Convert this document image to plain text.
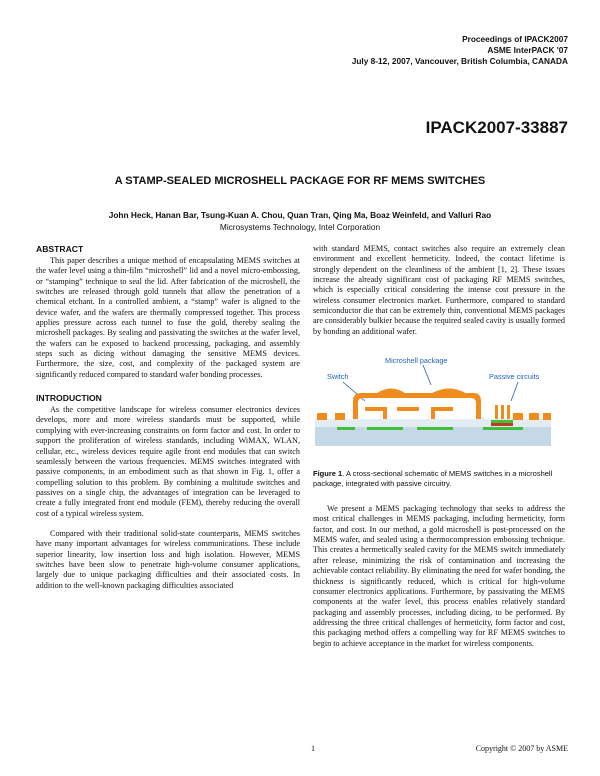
Proceedings of IPACK2007
ASME InterPACK '07
July 8-12, 2007, Vancouver, British Columbia, CANADA
IPACK2007-33887
A STAMP-SEALED MICROSHELL PACKAGE FOR RF MEMS SWITCHES
John Heck, Hanan Bar, Tsung-Kuan A. Chou, Quan Tran, Qing Ma, Boaz Weinfeld, and Valluri Rao
Microsystems Technology, Intel Corporation
ABSTRACT

This paper describes a unique method of encapsulating MEMS switches at the wafer level using a thin-film “microshell” lid and a novel micro-embossing, or “stamping” technique to seal the lid. After fabrication of the microshell, the switches are released through gold tunnels that allow the penetration of a chemical etchant. In a controlled ambient, a “stamp” wafer is aligned to the device wafer, and the wafers are thermally compressed together. This process applies pressure across each tunnel to fuse the gold, thereby sealing the microshell packages. By sealing and passivating the switches at the wafer level, the wafers can be exposed to backend processing, packaging, and assembly steps such as dicing without damaging the sensitive MEMS devices. Furthermore, the size, cost, and complexity of the packaged system are significantly reduced compared to standard wafer bonding processes.

INTRODUCTION

As the competitive landscape for wireless consumer electronics devices develops, more and more wireless standards must be supported, while complying with ever-increasing constraints on form factor and cost. In order to support the proliferation of wireless standards, including WiMAX, WLAN, cellular, etc., wireless devices require agile front end modules that can switch seamlessly between the various frequencies. MEMS switches integrated with passive components, in an embodiment such as that shown in Fig. 1, offer a compelling solution to this problem. By combining a multitude switches and passives on a single chip, the advantages of integration can be leveraged to create a fully integrated front end module (FEM), thereby reducing the overall cost of a typical wireless system.

Compared with their traditional solid-state counterparts, MEMS switches have many important advantages for wireless communications. These include superior linearity, low insertion loss and high isolation. However, MEMS switches have been slow to penetrate high-volume consumer applications, largely due to unique packaging difficulties and their associated costs. In addition to the well-known packaging difficulties associated

with standard MEMS, contact switches also require an extremely clean environment and excellent hermeticity. Indeed, the contact lifetime is strongly dependent on the cleanliness of the ambient [1, 2]. These issues increase the already significant cost of packaging RF MEMS switches, which is especially critical considering the intense cost pressure in the wireless consumer electronics market. Furthermore, compared to standard semiconductor die that can be extremely thin, conventional MEMS packages are considerably bulkier because the required sealed cavity is usually formed by bonding an additional wafer.

Switch
Microshell package
Passive circuits

Figure 1. A cross-sectional schematic of MEMS switches in a microshell package, integrated with passive circuitry.

We present a MEMS packaging technology that seeks to address the most critical challenges in MEMS packaging, including hermeticity, form factor, and cost. In our method, a gold microshell is post-processed on the MEMS wafer, and sealed using a thermocompression embossing technique. This creates a hermetically sealed cavity for the MEMS switch immediately after release, minimizing the risk of contamination and increasing the achievable contact reliability. By eliminating the need for wafer bonding, the thickness is significantly reduced, which is critical for high-volume consumer electronics applications. Furthermore, by passivating the MEMS components at the wafer level, this process enables relatively standard packaging and assembly processes, including dicing, to be performed. By addressing the three critical challenges of hermeticity, form factor and cost, this packaging method offers a compelling way for RF MEMS switches to begin to achieve acceptance in the market for wireless components.

1	Copyright © 2007 by ASME
